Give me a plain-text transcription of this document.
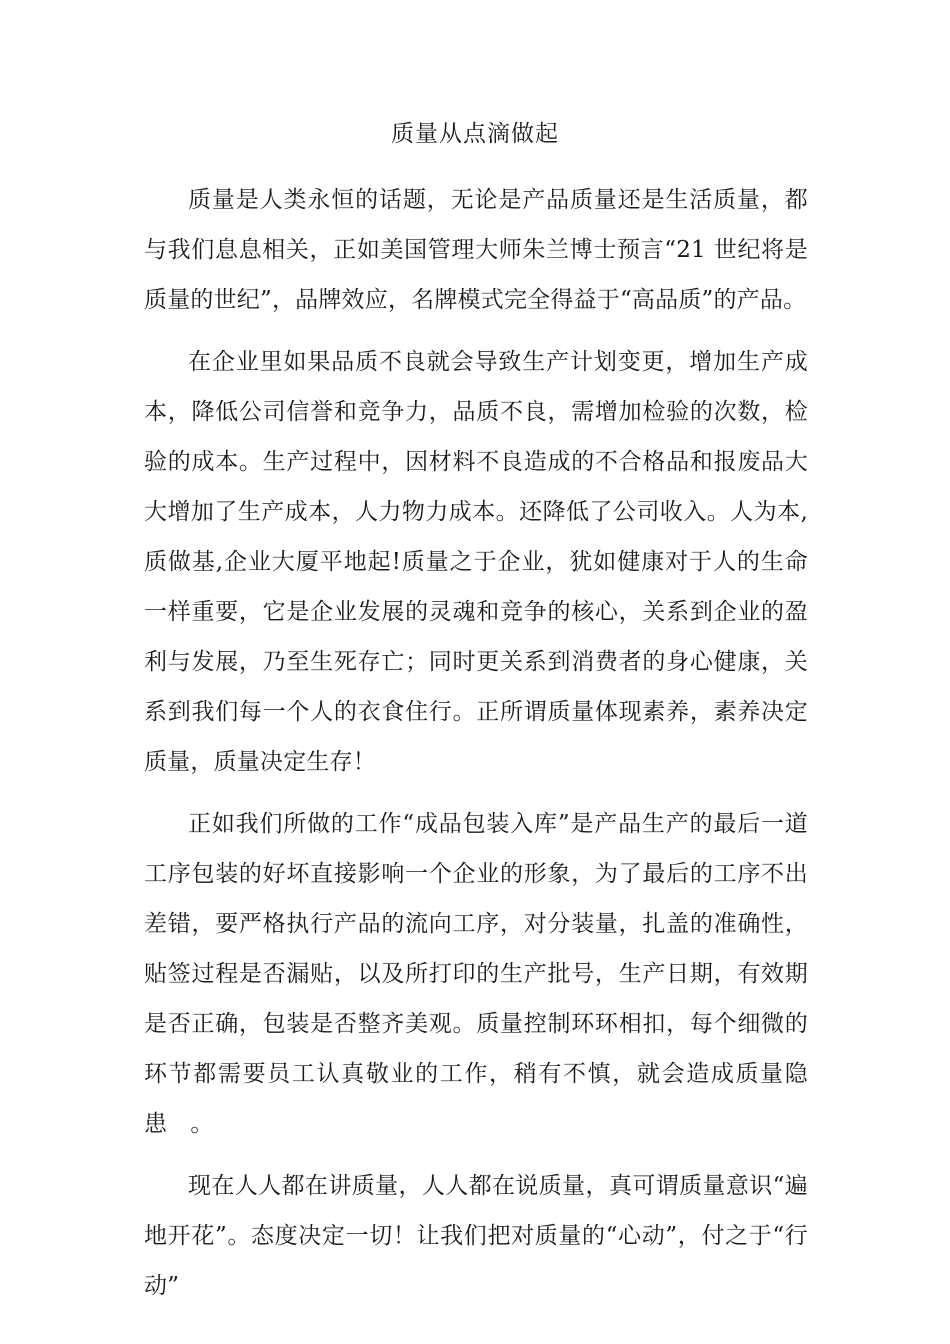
质量从点滴做起

质量是人类永恒的话题，无论是产品质量还是生活质量，都与我们息息相关，正如美国管理大师朱兰博士预言“21 世纪将是质量的世纪”，品牌效应，名牌模式完全得益于“高品质”的产品。

在企业里如果品质不良就会导致生产计划变更，增加生产成本，降低公司信誉和竞争力，品质不良，需增加检验的次数，检验的成本。生产过程中，因材料不良造成的不合格品和报废品大大增加了生产成本，人力物力成本。还降低了公司收入。人为本,质做基,企业大厦平地起!质量之于企业，犹如健康对于人的生命一样重要，它是企业发展的灵魂和竞争的核心，关系到企业的盈利与发展，乃至生死存亡；同时更关系到消费者的身心健康，关系到我们每一个人的衣食住行。正所谓质量体现素养，素养决定质量，质量决定生存！

正如我们所做的工作“成品包装入库”是产品生产的最后一道工序包装的好坏直接影响一个企业的形象，为了最后的工序不出差错，要严格执行产品的流向工序，对分装量，扎盖的准确性，贴签过程是否漏贴，以及所打印的生产批号，生产日期，有效期是否正确，包装是否整齐美观。质量控制环环相扣，每个细微的环节都需要员工认真敬业的工作，稍有不慎，就会造成质量隐患　。

现在人人都在讲质量，人人都在说质量，真可谓质量意识“遍地开花”。态度决定一切！让我们把对质量的“心动”，付之于“行动”
